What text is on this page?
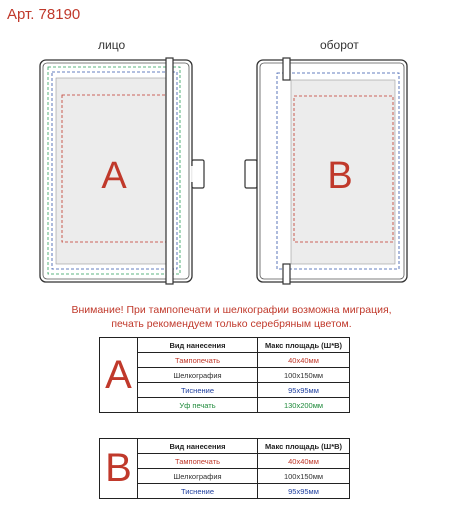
Арт. 78190
лицо	оборот
A	B
Внимание! При тампопечати и шелкографии возможна миграция,
печать рекомендуем только серебряным цветом.
A	Вид нанесения	Макс площадь (Ш*В)
	Тампопечать	40х40мм
	Шелкография	100х150мм
	Тиснение	95х95мм
	Уф печать	130х200мм
B	Вид нанесения	Макс площадь (Ш*В)
	Тампопечать	40х40мм
	Шелкография	100х150мм
	Тиснение	95х95мм
